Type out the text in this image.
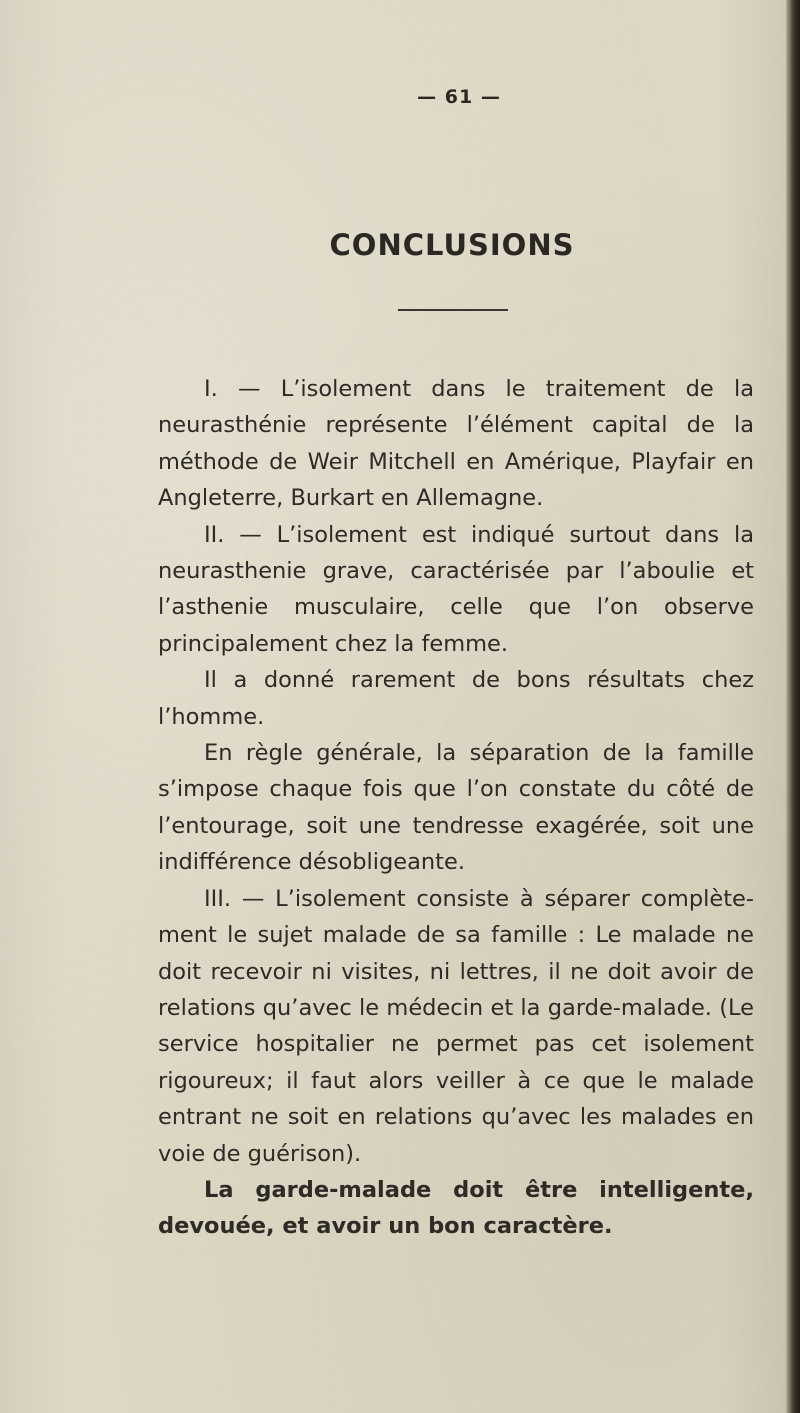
— 61 —
CONCLUSIONS

I. — L’isolement dans le traitement de la neurasthénie représente l’élément capital de la méthode de Weir Mitchell en Amérique, Playfair en Angleterre, Burkart en Allemagne.

II. — L’isolement est indiqué surtout dans la neurasthenie grave, caractérisée par l’aboulie et l’asthenie musculaire, celle que l’on observe principalement chez la femme.

Il a donné rarement de bons résultats chez l’homme.

En règle générale, la séparation de la famille s’impose chaque fois que l’on constate du côté de l’entourage, soit une tendresse exagérée, soit une indifférence désobligeante.

III. — L’isolement consiste à séparer complètement le sujet malade de sa famille : Le malade ne doit recevoir ni visites, ni lettres, il ne doit avoir de relations qu’avec le médecin et la garde-malade. (Le service hospitalier ne permet pas cet isolement rigoureux; il faut alors veiller à ce que le malade entrant ne soit en relations qu’avec les malades en voie de guérison).

La garde-malade doit être intelligente, devouée, et avoir un bon caractère.
